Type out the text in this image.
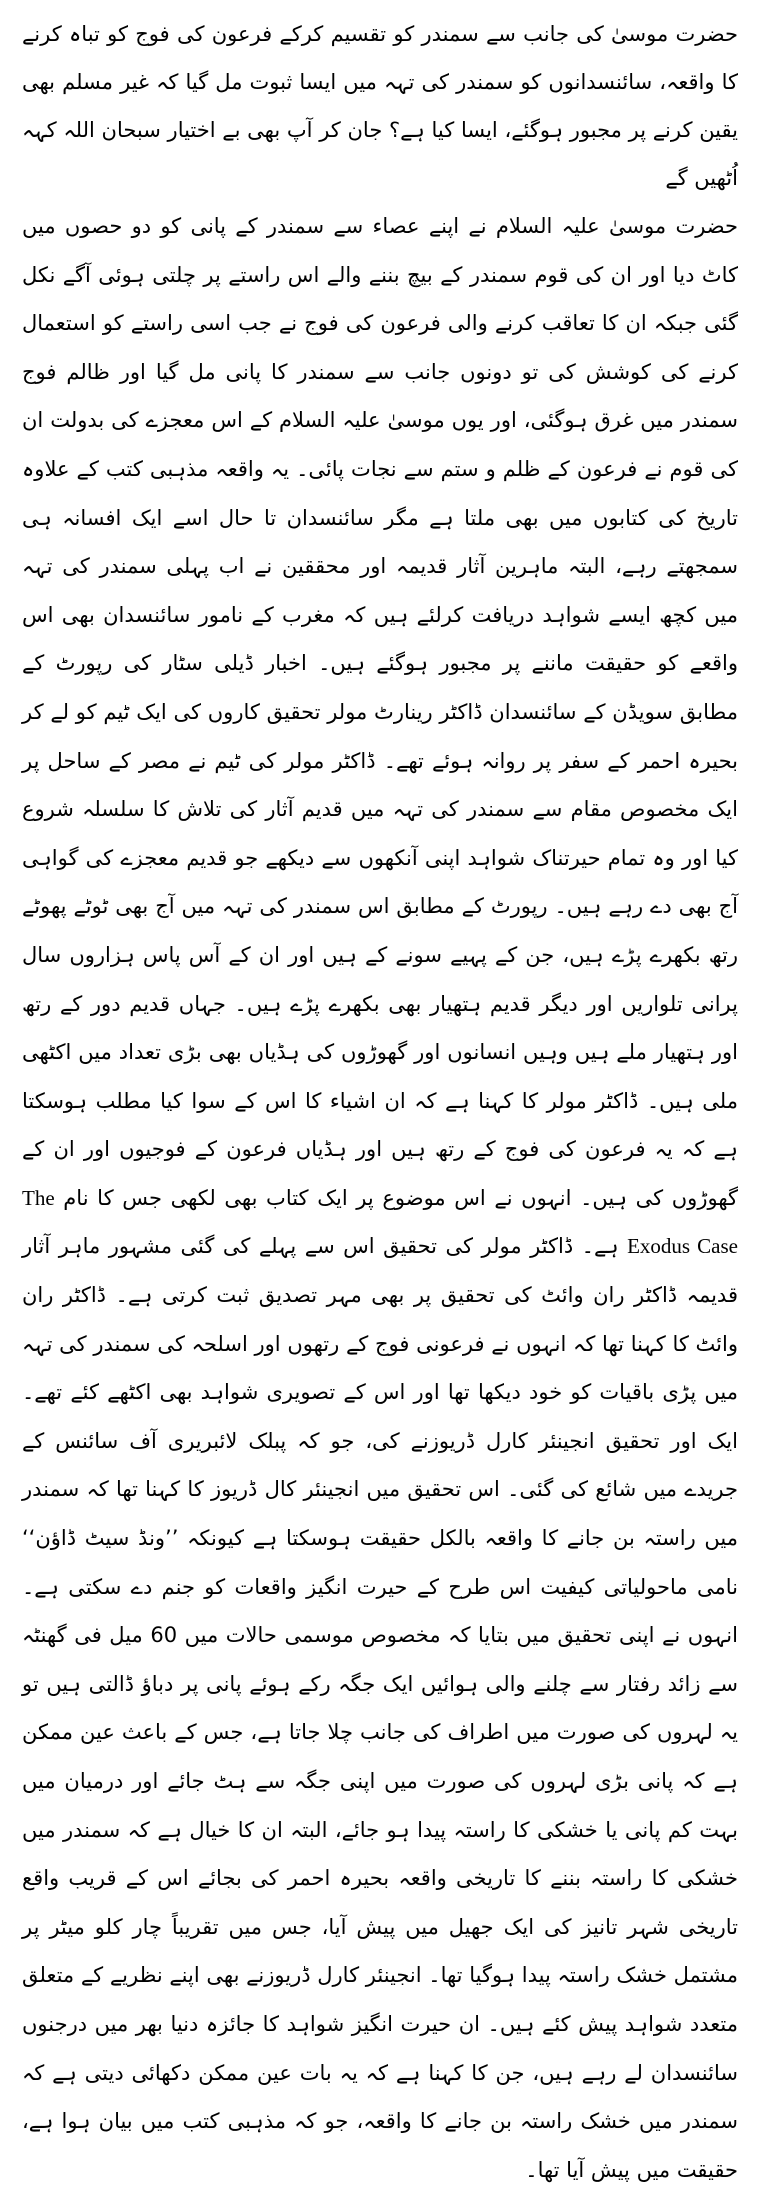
حضرت موسیٰ کی جانب سے سمندر کو تقسیم کرکے فرعون کی فوج کو تباہ کرنے کا واقعہ، سائنسدانوں کو سمندر کی تہہ میں ایسا ثبوت مل گیا کہ غیر مسلم بھی یقین کرنے پر مجبور ہوگئے، ایسا کیا ہے؟ جان کر آپ بھی بے اختیار سبحان اللہ کہہ اُٹھیں گے

حضرت موسیٰ علیہ السلام نے اپنے عصاء سے سمندر کے پانی کو دو حصوں میں کاٹ دیا اور ان کی قوم سمندر کے بیچ بننے والے اس راستے پر چلتی ہوئی آگے نکل گئی جبکہ ان کا تعاقب کرنے والی فرعون کی فوج نے جب اسی راستے کو استعمال کرنے کی کوشش کی تو دونوں جانب سے سمندر کا پانی مل گیا اور ظالم فوج سمندر میں غرق ہوگئی، اور یوں موسیٰ علیہ السلام کے اس معجزے کی بدولت ان کی قوم نے فرعون کے ظلم و ستم سے نجات پائی۔ یہ واقعہ مذہبی کتب کے علاوہ تاریخ کی کتابوں میں بھی ملتا ہے مگر سائنسدان تا حال اسے ایک افسانہ ہی سمجھتے رہے، البتہ ماہرین آثار قدیمہ اور محققین نے اب پہلی سمندر کی تہہ میں کچھ ایسے شواہد دریافت کرلئے ہیں کہ مغرب کے نامور سائنسدان بھی اس واقعے کو حقیقت ماننے پر مجبور ہوگئے ہیں۔ اخبار ڈیلی سٹار کی رپورٹ کے مطابق سویڈن کے سائنسدان ڈاکٹر رینارٹ مولر تحقیق کاروں کی ایک ٹیم کو لے کر بحیرہ احمر کے سفر پر روانہ ہوئے تھے۔ ڈاکٹر مولر کی ٹیم نے مصر کے ساحل پر ایک مخصوص مقام سے سمندر کی تہہ میں قدیم آثار کی تلاش کا سلسلہ شروع کیا اور وہ تمام حیرتناک شواہد اپنی آنکھوں سے دیکھے جو قدیم معجزے کی گواہی آج بھی دے رہے ہیں۔ رپورٹ کے مطابق اس سمندر کی تہہ میں آج بھی ٹوٹے پھوٹے رتھ بکھرے پڑے ہیں، جن کے پہیے سونے کے ہیں اور ان کے آس پاس ہزاروں سال پرانی تلواریں اور دیگر قدیم ہتھیار بھی بکھرے پڑے ہیں۔ جہاں قدیم دور کے رتھ اور ہتھیار ملے ہیں وہیں انسانوں اور گھوڑوں کی ہڈیاں بھی بڑی تعداد میں اکٹھی ملی ہیں۔ ڈاکٹر مولر کا کہنا ہے کہ ان اشیاء کا اس کے سوا کیا مطلب ہوسکتا ہے کہ یہ فرعون کی فوج کے رتھ ہیں اور ہڈیاں فرعون کے فوجیوں اور ان کے گھوڑوں کی ہیں۔ انہوں نے اس موضوع پر ایک کتاب بھی لکھی جس کا نام The Exodus Case ہے۔ ڈاکٹر مولر کی تحقیق اس سے پہلے کی گئی مشہور ماہر آثار قدیمہ ڈاکٹر ران وائٹ کی تحقیق پر بھی مہر تصدیق ثبت کرتی ہے۔ ڈاکٹر ران وائٹ کا کہنا تھا کہ انہوں نے فرعونی فوج کے رتھوں اور اسلحہ کی سمندر کی تہہ میں پڑی باقیات کو خود دیکھا تھا اور اس کے تصویری شواہد بھی اکٹھے کئے تھے۔ ایک اور تحقیق انجینئر کارل ڈریوزنے کی، جو کہ پبلک لائبریری آف سائنس کے جریدے میں شائع کی گئی۔ اس تحقیق میں انجینئر کال ڈریوز کا کہنا تھا کہ سمندر میں راستہ بن جانے کا واقعہ بالکل حقیقت ہوسکتا ہے کیونکہ ’’ونڈ سیٹ ڈاؤن‘‘ نامی ماحولیاتی کیفیت اس طرح کے حیرت انگیز واقعات کو جنم دے سکتی ہے۔ انہوں نے اپنی تحقیق میں بتایا کہ مخصوص موسمی حالات میں 60 میل فی گھنٹہ سے زائد رفتار سے چلنے والی ہوائیں ایک جگہ رکے ہوئے پانی پر دباؤ ڈالتی ہیں تو یہ لہروں کی صورت میں اطراف کی جانب چلا جاتا ہے، جس کے باعث عین ممکن ہے کہ پانی بڑی لہروں کی صورت میں اپنی جگہ سے ہٹ جائے اور درمیان میں بہت کم پانی یا خشکی کا راستہ پیدا ہو جائے، البتہ ان کا خیال ہے کہ سمندر میں خشکی کا راستہ بننے کا تاریخی واقعہ بحیرہ احمر کی بجائے اس کے قریب واقع تاریخی شہر تانیز کی ایک جھیل میں پیش آیا، جس میں تقریباً چار کلو میٹر پر مشتمل خشک راستہ پیدا ہوگیا تھا۔ انجینئر کارل ڈریوزنے بھی اپنے نظریے کے متعلق متعدد شواہد پیش کئے ہیں۔ ان حیرت انگیز شواہد کا جائزہ دنیا بھر میں درجنوں سائنسدان لے رہے ہیں، جن کا کہنا ہے کہ یہ بات عین ممکن دکھائی دیتی ہے کہ سمندر میں خشک راستہ بن جانے کا واقعہ، جو کہ مذہبی کتب میں بیان ہوا ہے، حقیقت میں پیش آیا تھا۔
